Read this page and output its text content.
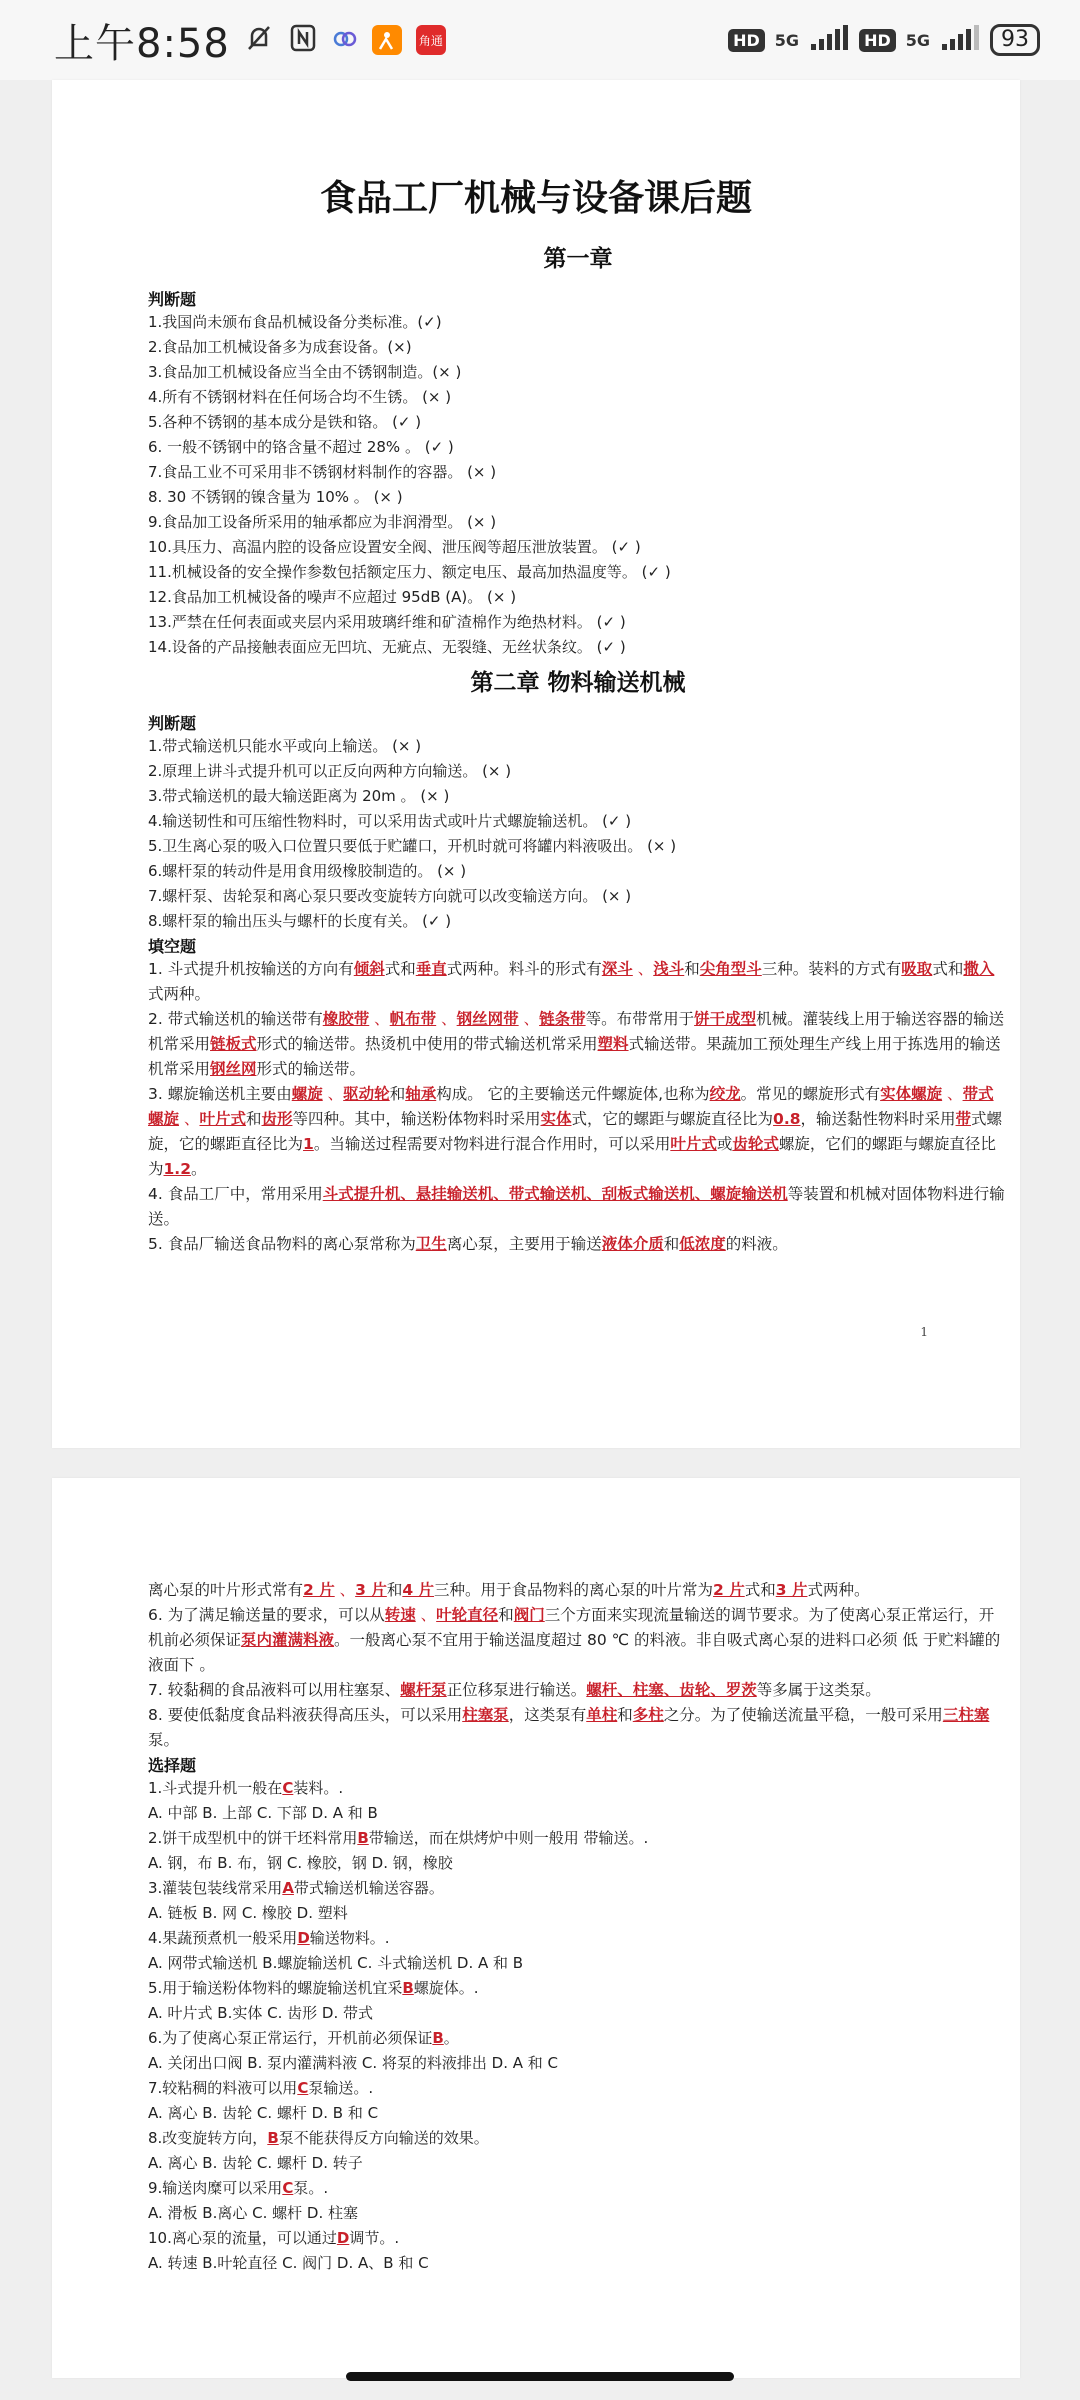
上午8:58	角通	HD 5G	HD 5G	93
食品工厂机械与设备课后题
第一章
判断题
1.我国尚未颁布食品机械设备分类标准。(✓)
2.食品加工机械设备多为成套设备。(×)
3.食品加工机械设备应当全由不锈钢制造。(× )
4.所有不锈钢材料在任何场合均不生锈。 (× )
5.各种不锈钢的基本成分是铁和铬。 (✓ )
6. 一般不锈钢中的铬含量不超过 28% 。 (✓ )
7.食品工业不可采用非不锈钢材料制作的容器。 (× )
8. 30 不锈钢的镍含量为 10% 。 (× )
9.食品加工设备所采用的轴承都应为非润滑型。 (× )
10.具压力、高温内腔的设备应设置安全阀、泄压阀等超压泄放装置。 (✓ )
11.机械设备的安全操作参数包括额定压力、额定电压、最高加热温度等。 (✓ )
12.食品加工机械设备的噪声不应超过 95dB (A)。 (× )
13.严禁在任何表面或夹层内采用玻璃纤维和矿渣棉作为绝热材料。 (✓ )
14.设备的产品接触表面应无凹坑、无疵点、无裂缝、无丝状条纹。 (✓ )
第二章 物料输送机械
判断题
1.带式输送机只能水平或向上输送。 (× )
2.原理上讲斗式提升机可以正反向两种方向输送。 (× )
3.带式输送机的最大输送距离为 20m 。 (× )
4.输送韧性和可压缩性物料时，可以采用齿式或叶片式螺旋输送机。 (✓ )
5.卫生离心泵的吸入口位置只要低于贮罐口，开机时就可将罐内料液吸出。 (× )
6.螺杆泵的转动件是用食用级橡胶制造的。 (× )
7.螺杆泵、齿轮泵和离心泵只要改变旋转方向就可以改变输送方向。 (× )
8.螺杆泵的输出压头与螺杆的长度有关。 (✓ )
填空题
1. 斗式提升机按输送的方向有倾斜式和垂直式两种。料斗的形式有深斗 、浅斗和尖角型斗三种。装料的方式有吸取式和撒入式两种。
2. 带式输送机的输送带有橡胶带 、帆布带 、钢丝网带 、链条带等。布带常用于饼干成型机械。灌装线上用于输送容器的输送机常采用链板式形式的输送带。热烫机中使用的带式输送机常采用塑料式输送带。果蔬加工预处理生产线上用于拣选用的输送机常采用钢丝网形式的输送带。
3. 螺旋输送机主要由螺旋 、驱动轮和轴承构成。 它的主要输送元件螺旋体,也称为绞龙。常见的螺旋形式有实体螺旋 、带式螺旋 、叶片式和齿形等四种。其中，输送粉体物料时采用实体式，它的螺距与螺旋直径比为0.8，输送黏性物料时采用带式螺旋，它的螺距直径比为1。当输送过程需要对物料进行混合作用时，可以采用叶片式或齿轮式螺旋，它们的螺距与螺旋直径比为1.2。
4. 食品工厂中，常用采用斗式提升机、悬挂输送机、带式输送机、刮板式输送机、螺旋输送机等装置和机械对固体物料进行输送。
5. 食品厂输送食品物料的离心泵常称为卫生离心泵，主要用于输送液体介质和低浓度的料液。
1
离心泵的叶片形式常有2 片 、3 片和4 片三种。用于食品物料的离心泵的叶片常为2 片式和3 片式两种。
6. 为了满足输送量的要求，可以从转速 、叶轮直径和阀门三个方面来实现流量输送的调节要求。为了使离心泵正常运行，开机前必须保证泵内灌满料液。一般离心泵不宜用于输送温度超过 80 ℃ 的料液。非自吸式离心泵的进料口必须 低 于贮料罐的 液面下 。
7. 较黏稠的食品液料可以用柱塞泵、螺杆泵正位移泵进行输送。螺杆、柱塞、齿轮、罗茨等多属于这类泵。
8. 要使低黏度食品料液获得高压头，可以采用柱塞泵，这类泵有单柱和多柱之分。为了使输送流量平稳，一般可采用三柱塞泵。
选择题
1.斗式提升机一般在C装料。.
A. 中部 B. 上部 C. 下部 D. A 和 B
2.饼干成型机中的饼干坯料常用B带输送，而在烘烤炉中则一般用 带输送。.
A. 钢，布 B. 布，钢 C. 橡胶，钢 D. 钢，橡胶
3.灌装包装线常采用A带式输送机输送容器。
A. 链板 B. 网 C. 橡胶 D. 塑料
4.果蔬预煮机一般采用D输送物料。.
A. 网带式输送机 B.螺旋输送机 C. 斗式输送机 D. A 和 B
5.用于输送粉体物料的螺旋输送机宜采B螺旋体。.
A. 叶片式 B.实体 C. 齿形 D. 带式
6.为了使离心泵正常运行，开机前必须保证B。
A. 关闭出口阀 B. 泵内灌满料液 C. 将泵的料液排出 D. A 和 C
7.较粘稠的料液可以用C泵输送。.
A. 离心 B. 齿轮 C. 螺杆 D. B 和 C
8.改变旋转方向，B泵不能获得反方向输送的效果。
A. 离心 B. 齿轮 C. 螺杆 D. 转子
9.输送肉糜可以采用C泵。.
A. 滑板 B.离心 C. 螺杆 D. 柱塞
10.离心泵的流量，可以通过D调节。.
A. 转速 B.叶轮直径 C. 阀门 D. A、B 和 C
